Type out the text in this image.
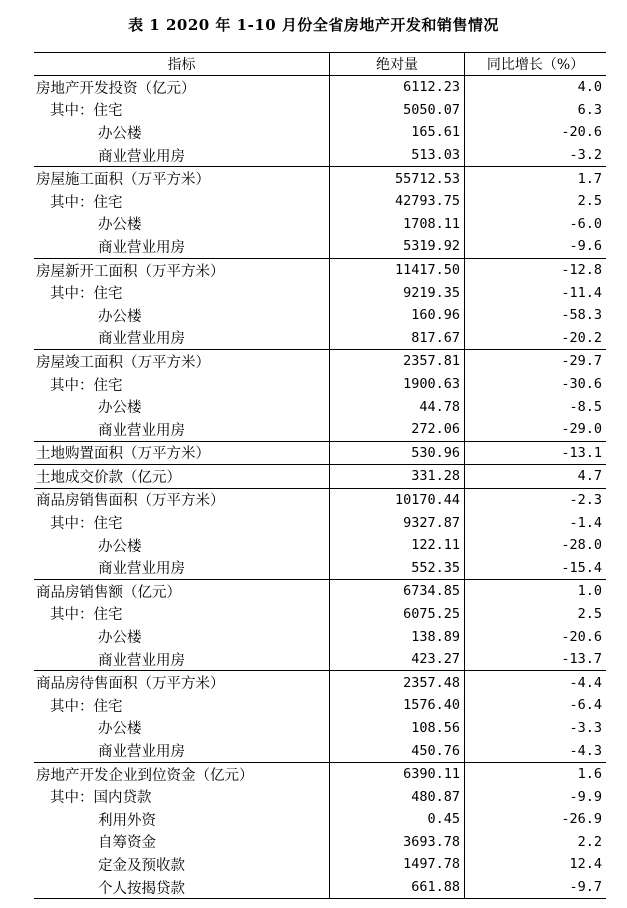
表 1 2020 年 1-10 月份全省房地产开发和销售情况
指标	绝对量	同比增长（%）
房地产开发投资（亿元）	6112.23	4.0
其中：住宅	5050.07	6.3
办公楼	165.61	-20.6
商业营业用房	513.03	-3.2
房屋施工面积（万平方米）	55712.53	1.7
其中：住宅	42793.75	2.5
办公楼	1708.11	-6.0
商业营业用房	5319.92	-9.6
房屋新开工面积（万平方米）	11417.50	-12.8
其中：住宅	9219.35	-11.4
办公楼	160.96	-58.3
商业营业用房	817.67	-20.2
房屋竣工面积（万平方米）	2357.81	-29.7
其中：住宅	1900.63	-30.6
办公楼	44.78	-8.5
商业营业用房	272.06	-29.0
土地购置面积（万平方米）	530.96	-13.1
土地成交价款（亿元）	331.28	4.7
商品房销售面积（万平方米）	10170.44	-2.3
其中：住宅	9327.87	-1.4
办公楼	122.11	-28.0
商业营业用房	552.35	-15.4
商品房销售额（亿元）	6734.85	1.0
其中：住宅	6075.25	2.5
办公楼	138.89	-20.6
商业营业用房	423.27	-13.7
商品房待售面积（万平方米）	2357.48	-4.4
其中：住宅	1576.40	-6.4
办公楼	108.56	-3.3
商业营业用房	450.76	-4.3
房地产开发企业到位资金（亿元）	6390.11	1.6
其中：国内贷款	480.87	-9.9
利用外资	0.45	-26.9
自筹资金	3693.78	2.2
定金及预收款	1497.78	12.4
个人按揭贷款	661.88	-9.7
